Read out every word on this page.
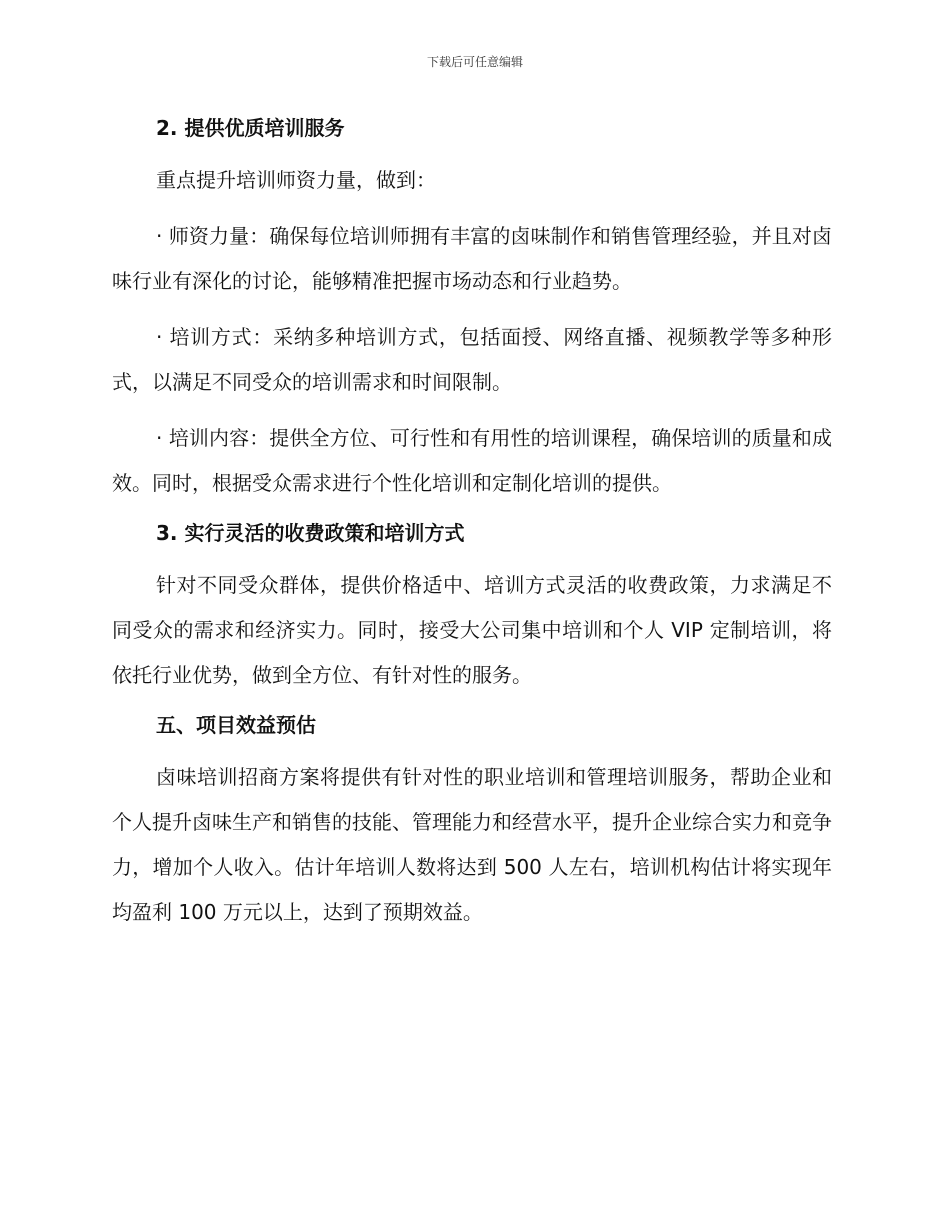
下载后可任意编辑
2. 提供优质培训服务

重点提升培训师资力量，做到：

· 师资力量：确保每位培训师拥有丰富的卤味制作和销售管理经验，并且对卤味行业有深化的讨论，能够精准把握市场动态和行业趋势。

· 培训方式：采纳多种培训方式，包括面授、网络直播、视频教学等多种形式，以满足不同受众的培训需求和时间限制。

· 培训内容：提供全方位、可行性和有用性的培训课程，确保培训的质量和成效。同时，根据受众需求进行个性化培训和定制化培训的提供。

3. 实行灵活的收费政策和培训方式

针对不同受众群体，提供价格适中、培训方式灵活的收费政策，力求满足不同受众的需求和经济实力。同时，接受大公司集中培训和个人 VIP 定制培训，将依托行业优势，做到全方位、有针对性的服务。

五、项目效益预估

卤味培训招商方案将提供有针对性的职业培训和管理培训服务，帮助企业和个人提升卤味生产和销售的技能、管理能力和经营水平，提升企业综合实力和竞争力，增加个人收入。估计年培训人数将达到 500 人左右，培训机构估计将实现年均盈利 100 万元以上，达到了预期效益。
